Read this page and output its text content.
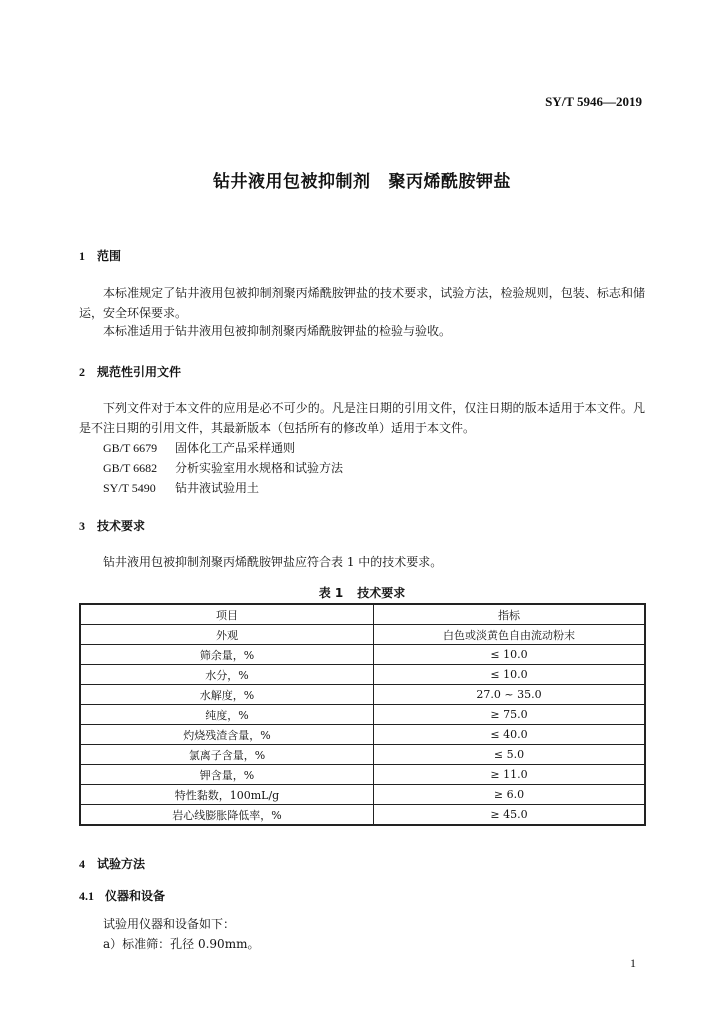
SY/T 5946—2019
钻井液用包被抑制剂 聚丙烯酰胺钾盐
1 范围
本标准规定了钻井液用包被抑制剂聚丙烯酰胺钾盐的技术要求，试验方法，检验规则，包装、标志和储运，安全环保要求。
本标准适用于钻井液用包被抑制剂聚丙烯酰胺钾盐的检验与验收。
2 规范性引用文件
下列文件对于本文件的应用是必不可少的。凡是注日期的引用文件，仅注日期的版本适用于本文件。凡是不注日期的引用文件，其最新版本（包括所有的修改单）适用于本文件。
GB/T 6679 固体化工产品采样通则
GB/T 6682 分析实验室用水规格和试验方法
SY/T 5490 钻井液试验用土
3 技术要求
钻井液用包被抑制剂聚丙烯酰胺钾盐应符合表 1 中的技术要求。
表 1 技术要求
项目	指标
外观	白色或淡黄色自由流动粉末
筛余量，%	≤ 10.0
水分，%	≤ 10.0
水解度，%	27.0 ~ 35.0
纯度，%	≥ 75.0
灼烧残渣含量，%	≤ 40.0
氯离子含量，%	≤ 5.0
钾含量，%	≥ 11.0
特性黏数，100mL/g	≥ 6.0
岩心线膨胀降低率，%	≥ 45.0
4 试验方法
4.1 仪器和设备
试验用仪器和设备如下：
a）标准筛：孔径 0.90mm。
1
